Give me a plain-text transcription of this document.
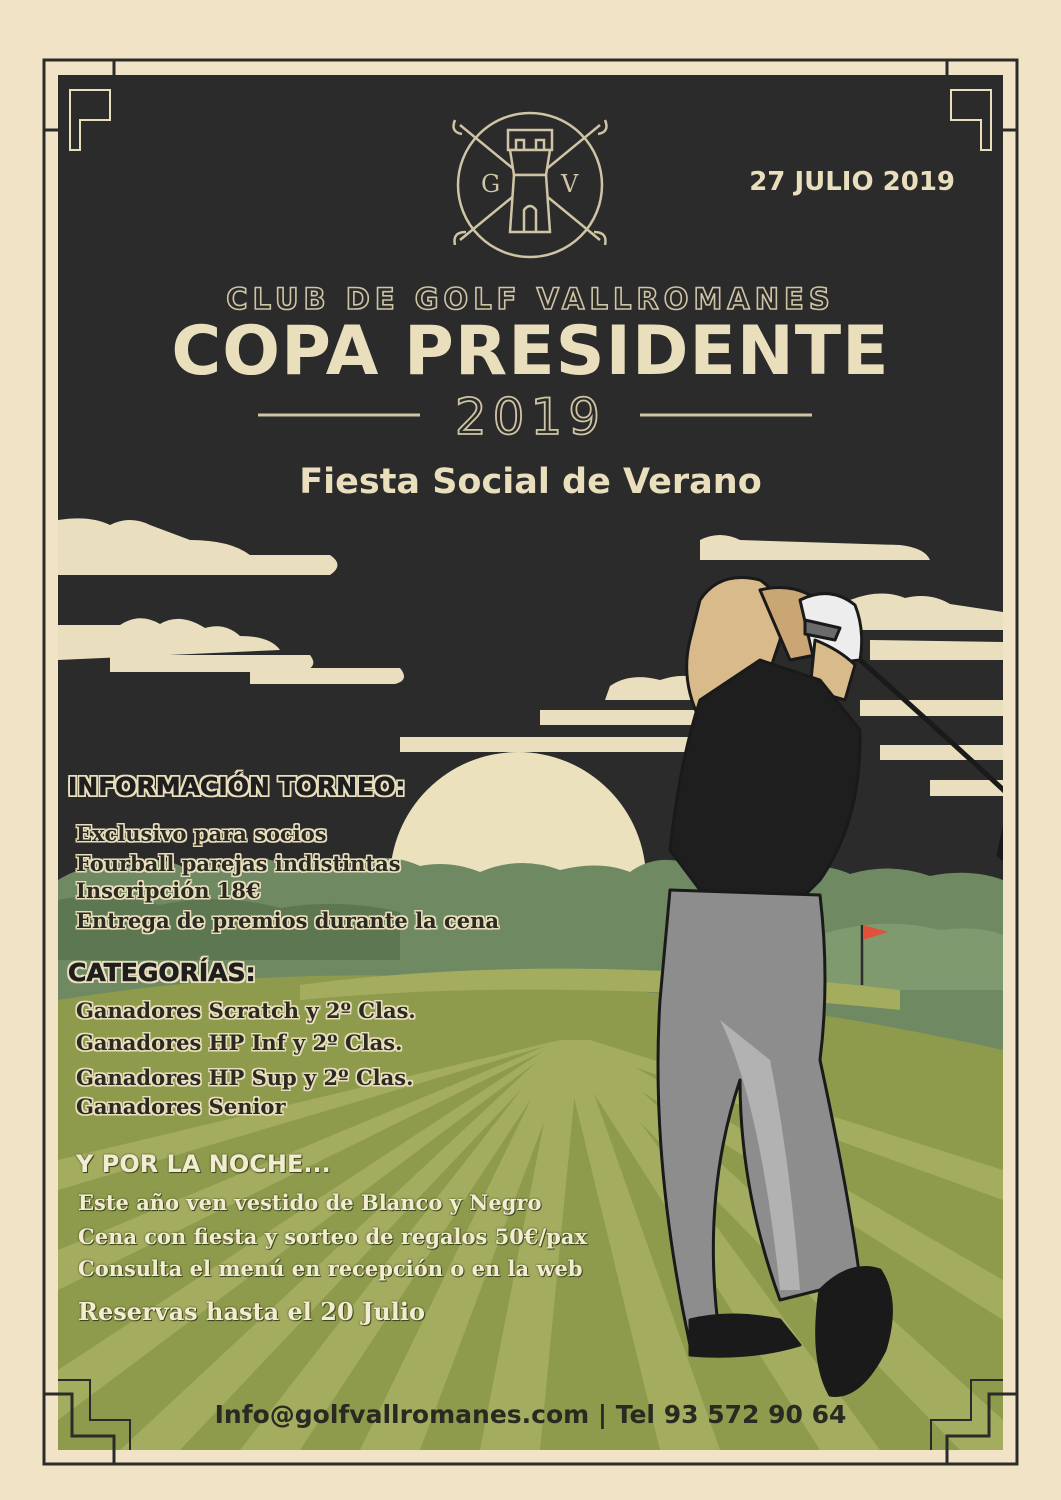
G	V	27 JULIO 2019

CLUB DE GOLF VALLROMANES

COPA PRESIDENTE

2019

Fiesta Social de Verano

INFORMACIÓN TORNEO:

Exclusivo para socios

Fourball parejas indistintas

Inscripción 18€

Entrega de premios durante la cena

CATEGORÍAS:

Ganadores Scratch y 2º Clas.

Ganadores HP Inf y 2º Clas.

Ganadores HP Sup y 2º Clas.

Ganadores Senior

Y POR LA NOCHE...

Este año ven vestido de Blanco y Negro

Cena con fiesta y sorteo de regalos 50€/pax

Consulta el menú en recepción o en la web

Reservas hasta el 20 Julio

Info@golfvallromanes.com | Tel 93 572 90 64
